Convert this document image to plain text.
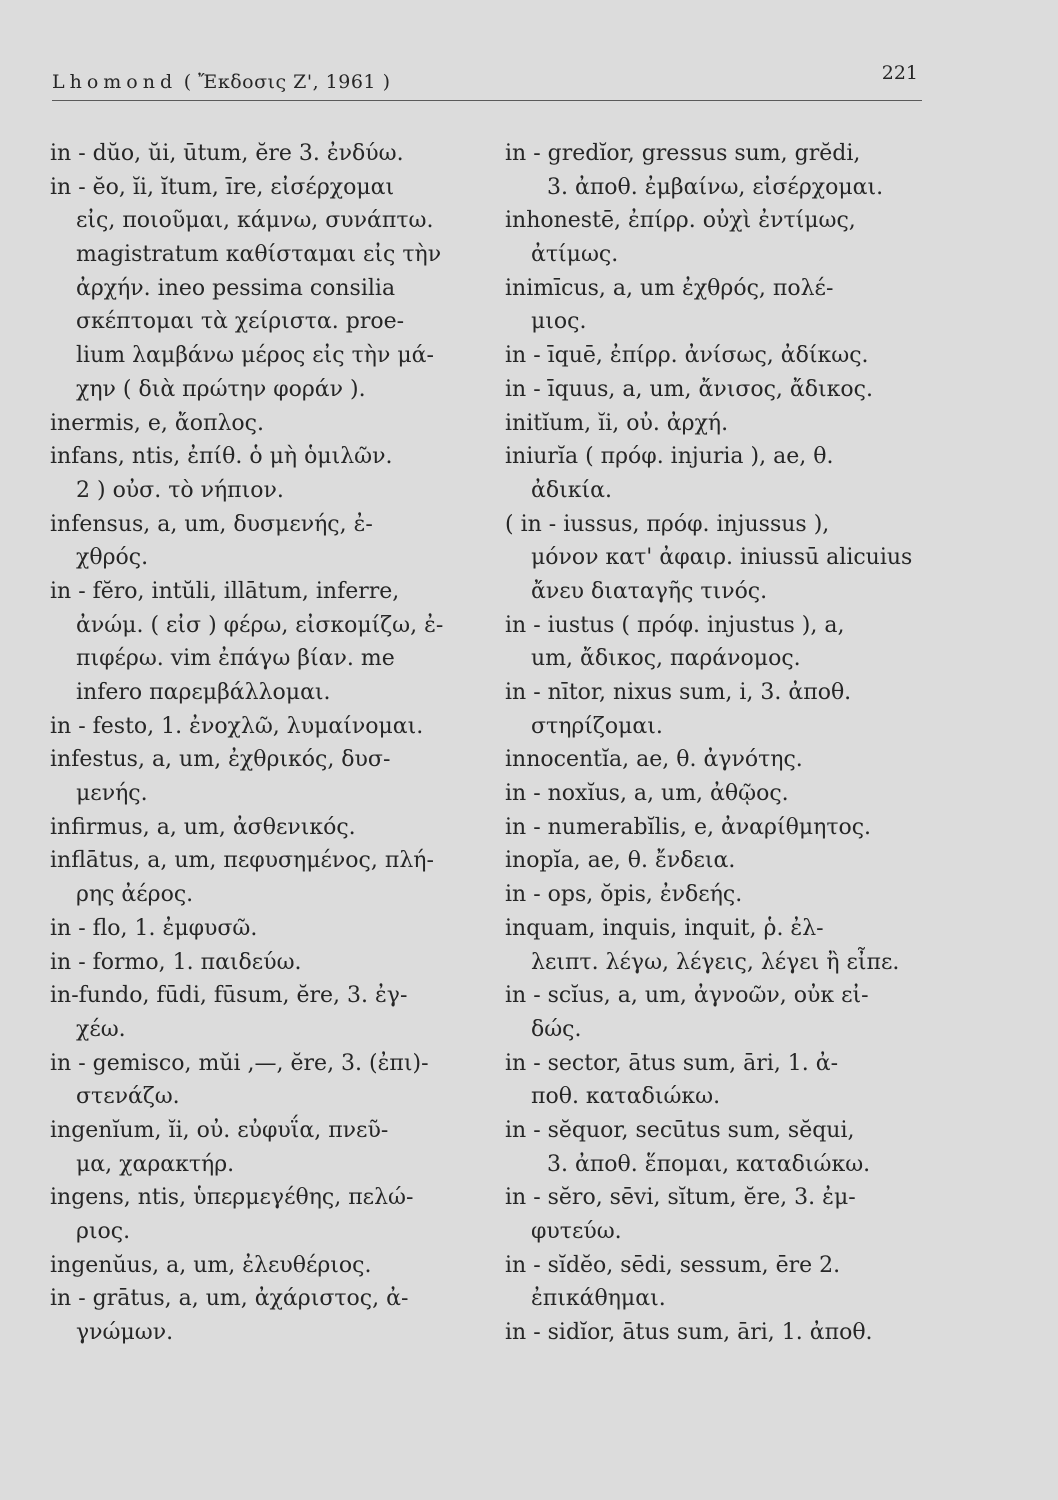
Lhomond ( Ἔκδοσις Ζ', 1961 )	221
in - dŭo, ŭi, ūtum, ĕre 3. ἐνδύω.
in - ĕo, ĭi, ĭtum, īre, εἰσέρχομαι
εἰς, ποιοῦμαι, κάμνω, συνάπτω.
magistratum καθίσταμαι εἰς τὴν
ἀρχήν. ineo pessima consilia
σκέπτομαι τὰ χείριστα. proe-
lium λαμβάνω μέρος εἰς τὴν μά-
χην ( διὰ πρώτην φοράν ).
inermis, e, ἄοπλος.
infans, ntis, ἐπίθ. ὁ μὴ ὁμιλῶν.
2 ) οὐσ. τὸ νήπιον.
infensus, a, um, δυσμενής, ἐ-
χθρός.
in - fĕro, intŭli, illātum, inferre,
ἀνώμ. ( εἰσ ) φέρω, εἰσκομίζω, ἐ-
πιφέρω. vim ἐπάγω βίαν. me
infero παρεμβάλλομαι.
in - festo, 1. ἐνοχλῶ, λυμαίνομαι.
infestus, a, um, ἐχθρικός, δυσ-
μενής.
infirmus, a, um, ἀσθενικός.
inflātus, a, um, πεφυσημένος, πλή-
ρης ἀέρος.
in - flo, 1. ἐμφυσῶ.
in - formo, 1. παιδεύω.
in-fundo, fūdi, fūsum, ĕre, 3. ἐγ-
χέω.
in - gemisco, mŭi ,—, ĕre, 3. (ἐπι)-
στενάζω.
ingenĭum, ĭi, οὐ. εὐφυΐα, πνεῦ-
μα, χαρακτήρ.
ingens, ntis, ὑπερμεγέθης, πελώ-
ριος.
ingenŭus, a, um, ἐλευθέριος.
in - grātus, a, um, ἀχάριστος, ἀ-
γνώμων.
in - gredĭor, gressus sum, grĕdi,
3. ἀποθ. ἐμβαίνω, εἰσέρχομαι.
inhonestē, ἐπίρρ. οὐχὶ ἐντίμως,
ἀτίμως.
inimīcus, a, um ἐχθρός, πολέ-
μιος.
in - īquē, ἐπίρρ. ἀνίσως, ἀδίκως.
in - īquus, a, um, ἄνισος, ἄδικος.
initĭum, ĭi, οὐ. ἀρχή.
iniurĭa ( πρόφ. injuria ), ae, θ.
ἀδικία.
( in - iussus, πρόφ. injussus ),
μόνον κατ' ἀφαιρ. iniussū alicuius
ἄνευ διαταγῆς τινός.
in - iustus ( πρόφ. injustus ), a,
um, ἄδικος, παράνομος.
in - nītor, nixus sum, i, 3. ἀποθ.
στηρίζομαι.
innocentĭa, ae, θ. ἀγνότης.
in - noxĭus, a, um, ἀθῷος.
in - numerabĭlis, e, ἀναρίθμητος.
inopĭa, ae, θ. ἔνδεια.
in - ops, ŏpis, ἐνδεής.
inquam, inquis, inquit, ῥ. ἐλ-
λειπτ. λέγω, λέγεις, λέγει ἢ εἶπε.
in - scĭus, a, um, ἀγνοῶν, οὐκ εἰ-
δώς.
in - sector, ātus sum, āri, 1. ἀ-
ποθ. καταδιώκω.
in - sĕquor, secūtus sum, sĕqui,
3. ἀποθ. ἕπομαι, καταδιώκω.
in - sĕro, sēvi, sĭtum, ĕre, 3. ἐμ-
φυτεύω.
in - sĭdĕo, sēdi, sessum, ēre 2.
ἐπικάθημαι.
in - sidĭor, ātus sum, āri, 1. ἀποθ.
